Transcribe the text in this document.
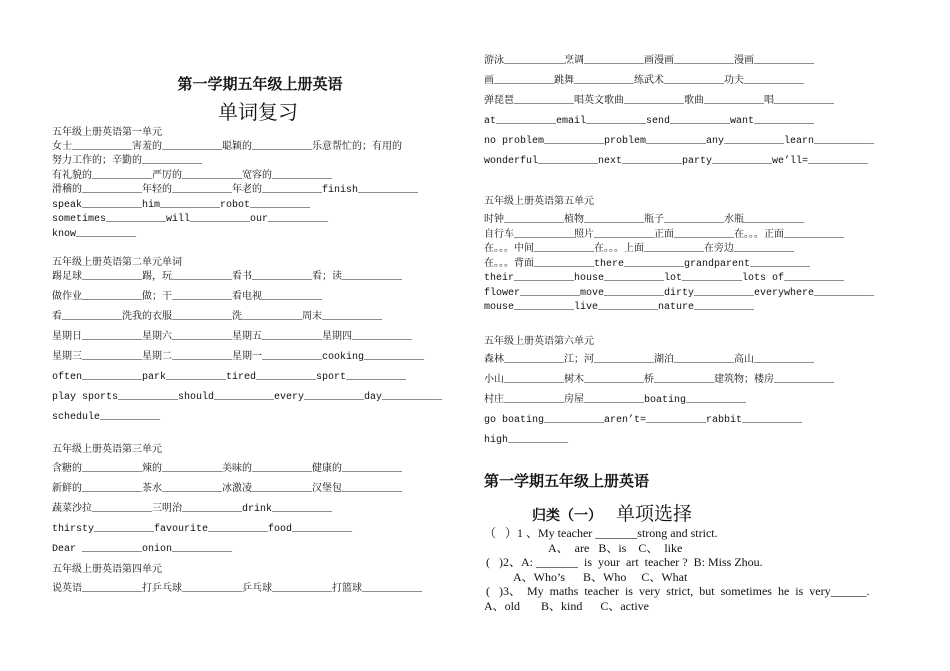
第一学期五年级上册英语
单词复习
五年级上册英语第一单元
女士__________害羞的__________聪颖的__________乐意帮忙的；有用的
努力工作的；辛勤的__________
有礼貌的__________严厉的__________宽容的__________
滑稽的__________年轻的__________年老的__________finish__________
speak__________him__________robot__________
sometimes__________will__________our__________
know__________
五年级上册英语第二单元单词
踢足球__________踢，玩__________看书__________看；读__________
做作业__________做；干__________看电视__________
看__________洗我的衣服__________洗__________周末__________
星期日__________星期六__________星期五__________星期四__________
星期三__________星期二__________星期一__________cooking__________
often__________park__________tired__________sport__________
play sports__________should__________every__________day__________
schedule__________
五年级上册英语第三单元
含糖的__________辣的__________美味的__________健康的__________
新鲜的__________茶水__________冰激凌__________汉堡包__________
蔬菜沙拉__________三明治__________drink__________
thirsty__________favourite__________food__________
Dear __________onion__________
五年级上册英语第四单元
说英语__________打乒乓球__________乒乓球__________打篮球__________
游泳__________烹调__________画漫画__________漫画__________
画__________跳舞__________练武术__________功夫__________
弹琵琶__________唱英文歌曲__________歌曲__________唱__________
at__________email__________send__________want__________
no problem__________problem__________any__________learn__________
wonderful__________next__________party__________we’ll=__________
五年级上册英语第五单元
时钟__________植物__________瓶子__________水瓶__________
自行车__________照片__________正面__________在。。。正面__________
在。。。中间__________在。。。上面__________在旁边__________
在。。。背面__________there__________grandparent__________
their__________house__________lot__________lots of__________
flower__________move__________dirty__________everywhere__________
mouse__________live__________nature__________
五年级上册英语第六单元
森林__________江；河__________湖泊__________高山__________
小山__________树木__________桥__________建筑物；楼房__________
村庄__________房屋__________boating__________
go boating__________aren’t=__________rabbit__________
high__________
第一学期五年级上册英语
归类（一） 单项选择
（   ）1 、My teacher _______strong and strict.
A、  are   B、is    C、  like
(   )2、A: _______  is  your  art  teacher ?  B: Miss Zhou.
A、Who’s      B、Who     C、What
(   )3、  My  maths  teacher  is  very  strict,  but  sometimes  he  is  very______.
A、old       B、kind      C、active
